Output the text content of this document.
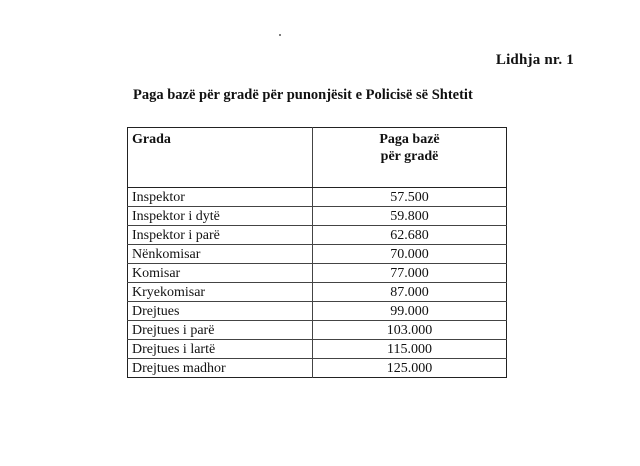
Lidhja nr. 1
Paga bazë për gradë për punonjësit e Policisë së Shtetit
Grada	Paga bazë
për gradë

Inspektor	57.500
Inspektor i dytë	59.800
Inspektor i parë	62.680
Nënkomisar	70.000
Komisar	77.000
Kryekomisar	87.000
Drejtues	99.000
Drejtues i parë	103.000
Drejtues i lartë	115.000
Drejtues madhor	125.000
